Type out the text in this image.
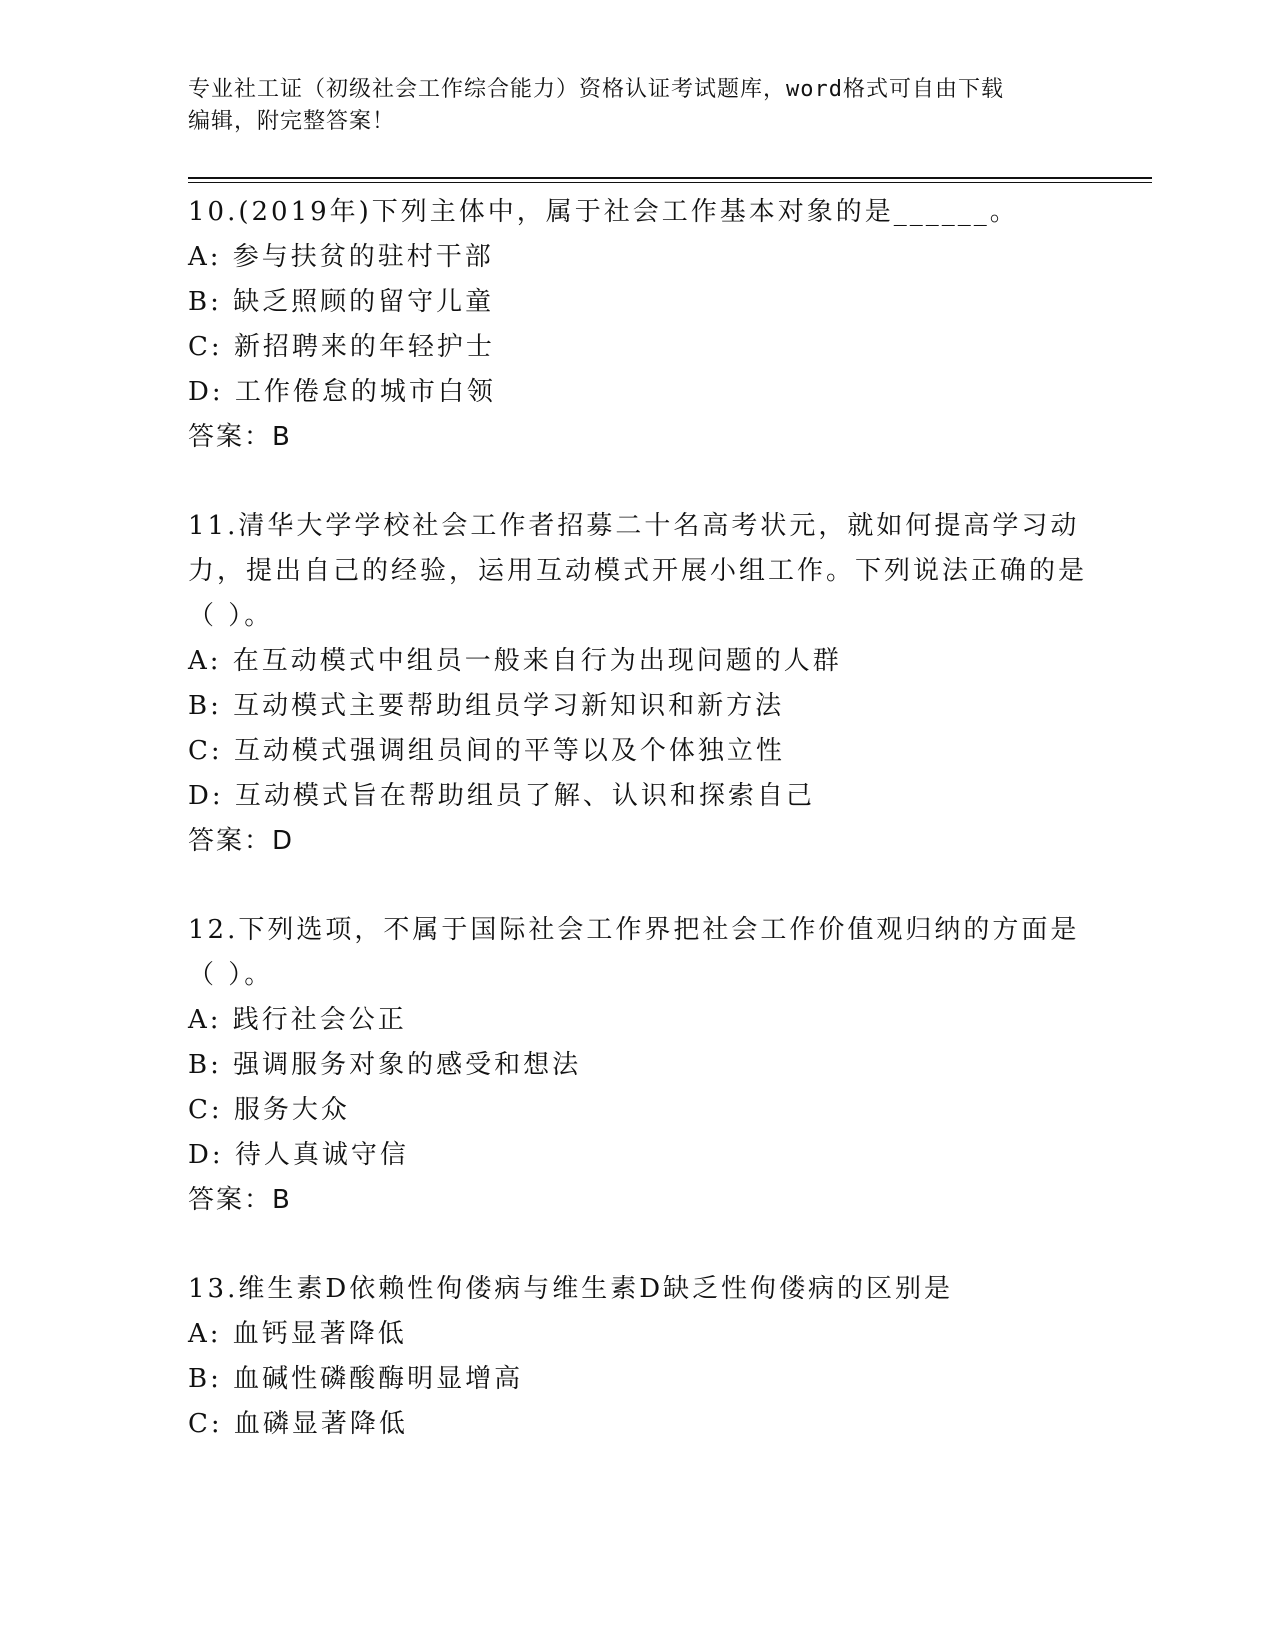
专业社工证（初级社会工作综合能力）资格认证考试题库，word格式可自由下载
编辑，附完整答案！

10.(2019年)下列主体中，属于社会工作基本对象的是______。

A: 参与扶贫的驻村干部

B: 缺乏照顾的留守儿童

C: 新招聘来的年轻护士

D: 工作倦怠的城市白领

答案：B

11.清华大学学校社会工作者招募二十名高考状元，就如何提高学习动力，提出自己的经验，运用互动模式开展小组工作。下列说法正确的是（ ）。

A: 在互动模式中组员一般来自行为出现问题的人群

B: 互动模式主要帮助组员学习新知识和新方法

C: 互动模式强调组员间的平等以及个体独立性

D: 互动模式旨在帮助组员了解、认识和探索自己

答案：D

12.下列选项，不属于国际社会工作界把社会工作价值观归纳的方面是（ ）。

A: 践行社会公正

B: 强调服务对象的感受和想法

C: 服务大众

D: 待人真诚守信

答案：B

13.维生素D依赖性佝偻病与维生素D缺乏性佝偻病的区别是

A: 血钙显著降低

B: 血碱性磷酸酶明显增高

C: 血磷显著降低
